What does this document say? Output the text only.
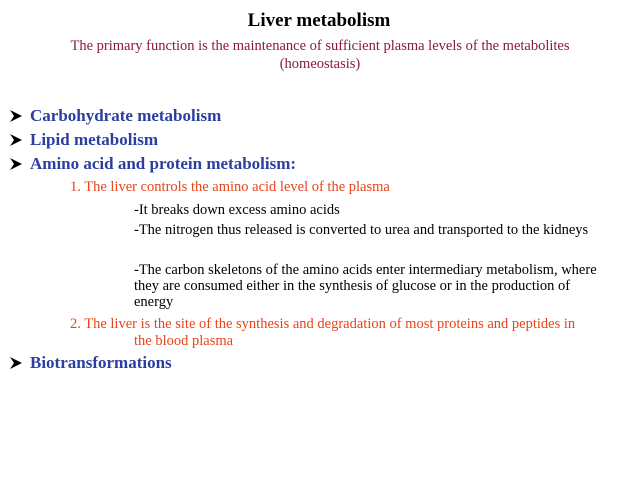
Liver metabolism
The primary function is the maintenance of sufficient plasma levels of the metabolites
(homeostasis)
Carbohydrate metabolism
Lipid metabolism
Amino acid and protein metabolism:
1. The liver controls the amino acid level of the plasma
-It breaks down excess amino acids
-The nitrogen thus released is converted to urea and transported to the kidneys
-The carbon skeletons of the amino acids enter intermediary metabolism, where they are consumed either in the synthesis of glucose or in the production of energy
2. The liver is the site of the synthesis and degradation of most proteins and peptides in
the blood plasma
Biotransformations
